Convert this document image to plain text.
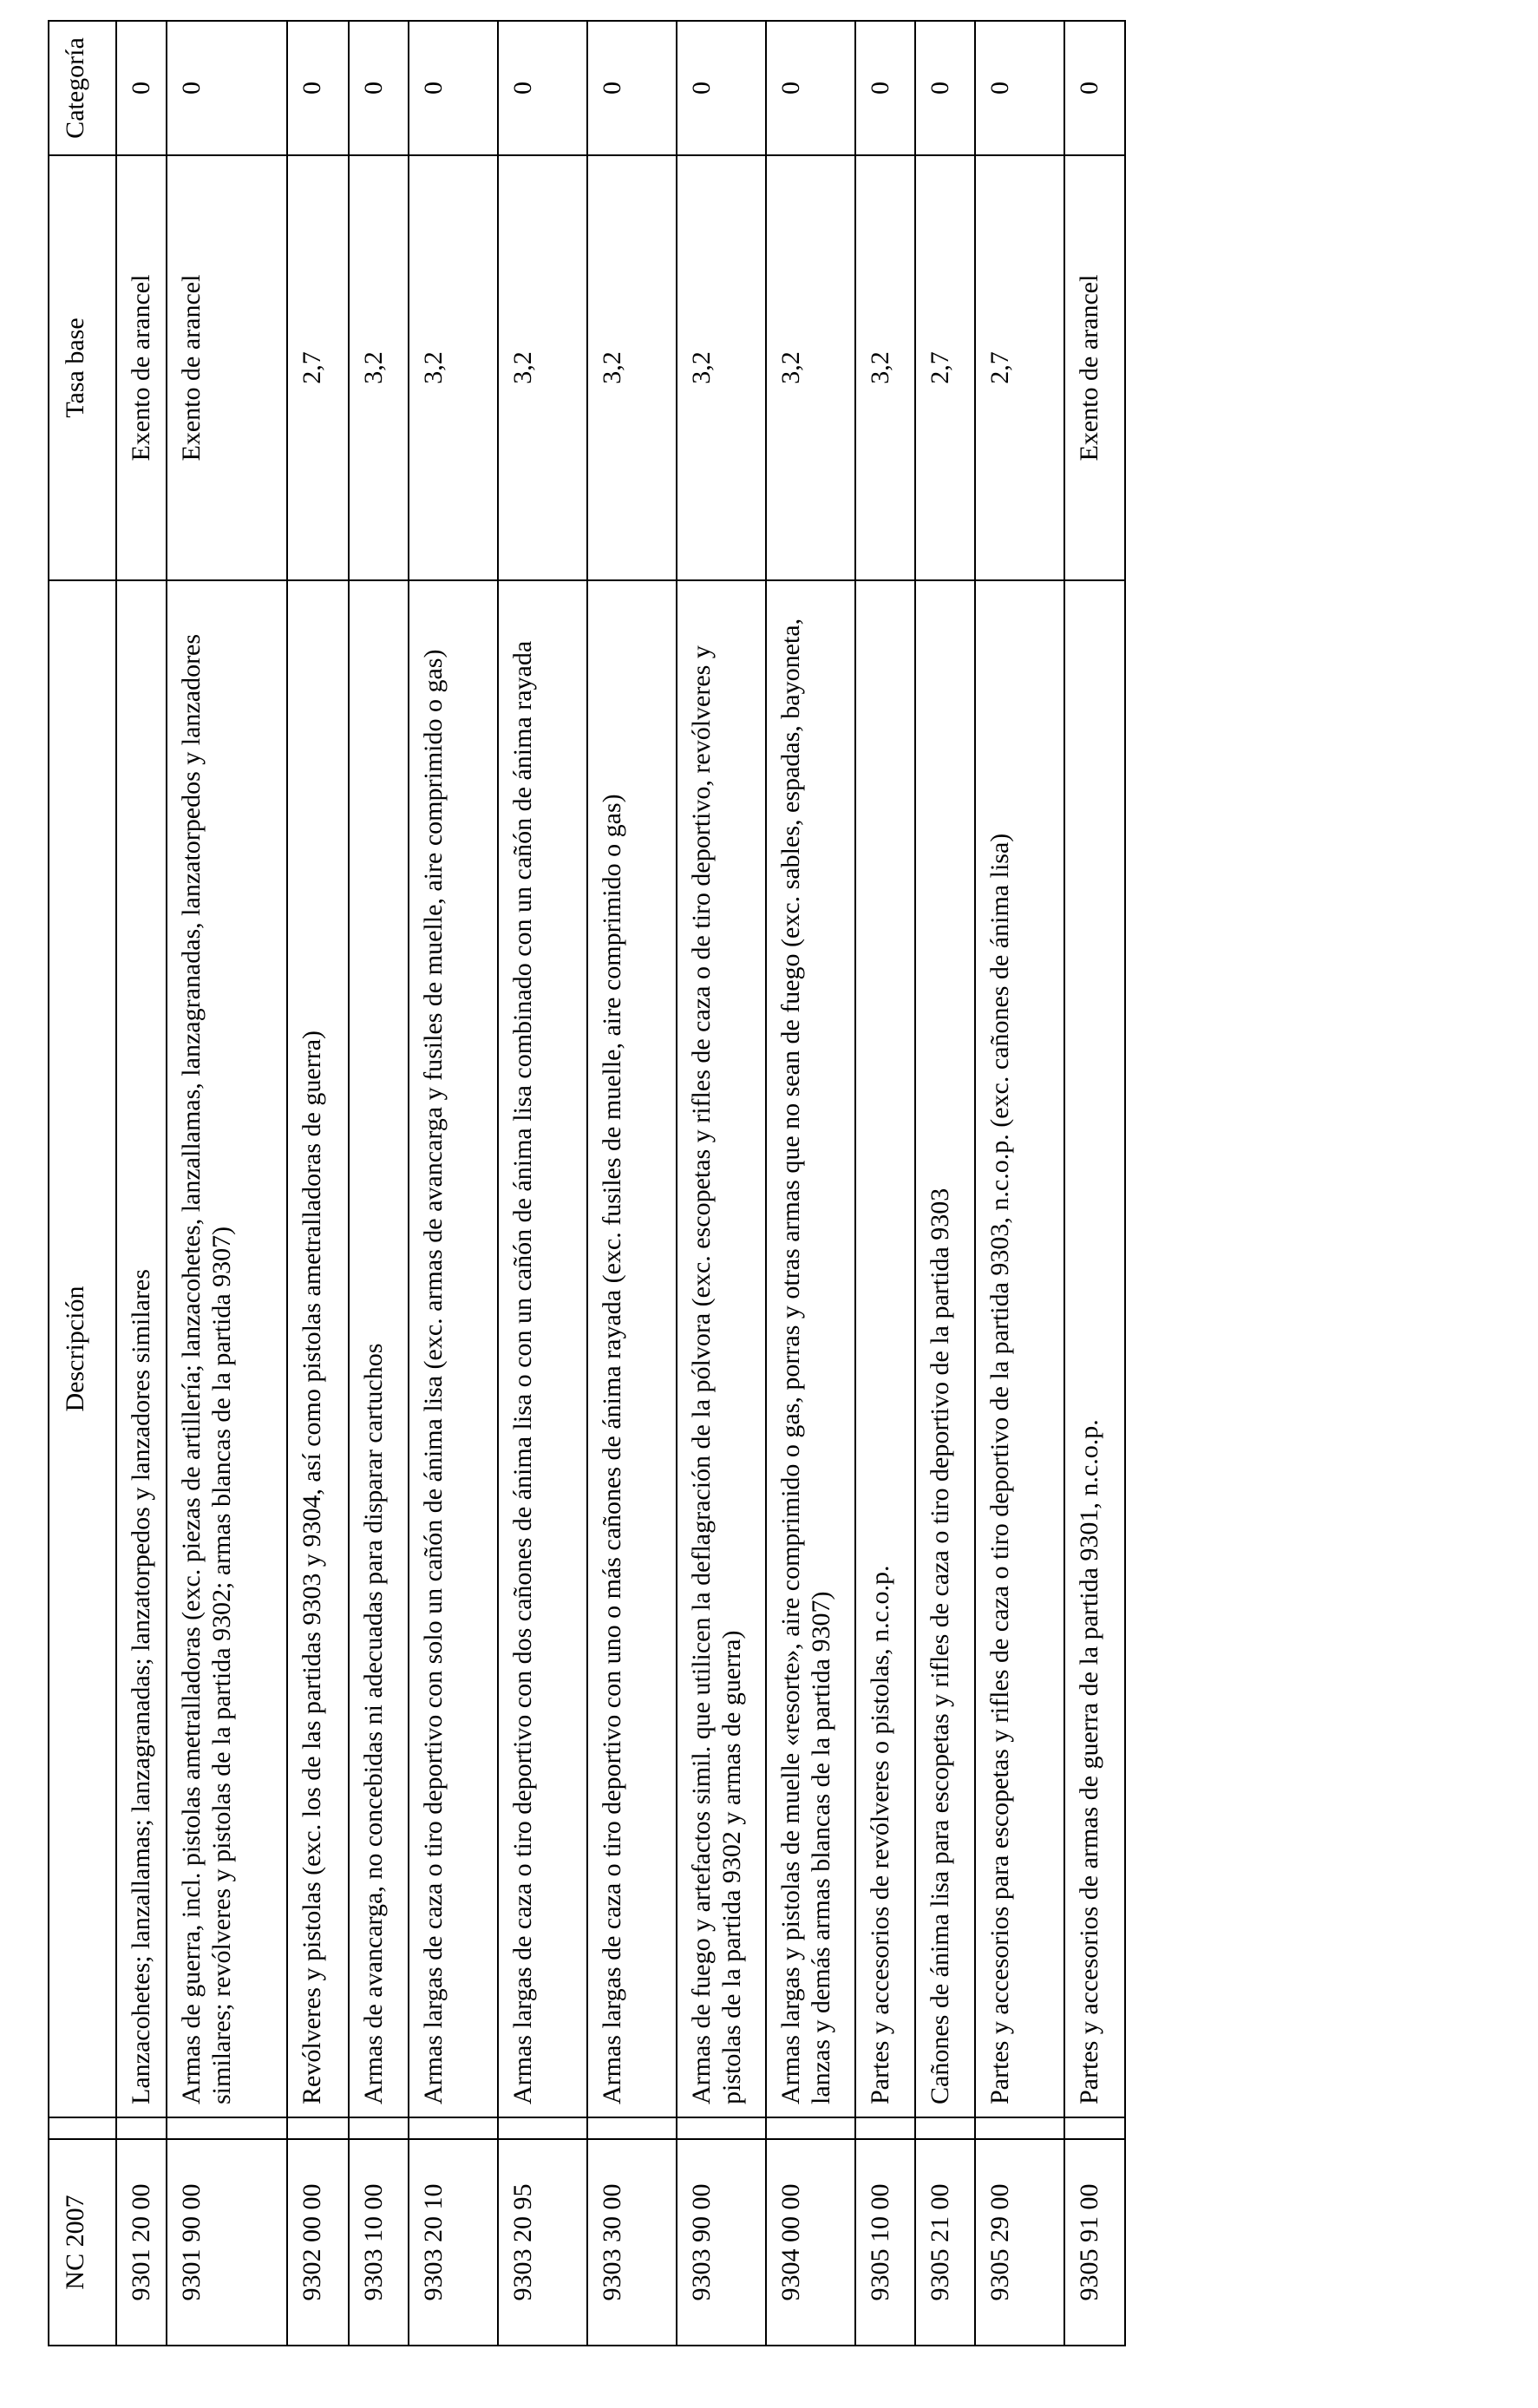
NC 2007		Descripción	Tasa base	Categoría
9301 20 00		Lanzacohetes; lanzallamas; lanzagranadas; lanzatorpedos y lanzadores similares	Exento de arancel	0
9301 90 00		Armas de guerra, incl. pistolas ametralladoras (exc. piezas de artillería; lanzacohetes, lanzallamas, lanzagranadas, lanzatorpedos y lanzadores similares; revólveres y pistolas de la partida 9302; armas blancas de la partida 9307)	Exento de arancel	0
9302 00 00		Revólveres y pistolas (exc. los de las partidas 9303 y 9304, así como pistolas ametralladoras de guerra)	2,7	0
9303 10 00		Armas de avancarga, no concebidas ni adecuadas para disparar cartuchos	3,2	0
9303 20 10		Armas largas de caza o tiro deportivo con solo un cañón de ánima lisa (exc. armas de avancarga y fusiles de muelle, aire comprimido o gas)	3,2	0
9303 20 95		Armas largas de caza o tiro deportivo con dos cañones de ánima lisa o con un cañón de ánima lisa combinado con un cañón de ánima rayada	3,2	0
9303 30 00		Armas largas de caza o tiro deportivo con uno o más cañones de ánima rayada (exc. fusiles de muelle, aire comprimido o gas)	3,2	0
9303 90 00		Armas de fuego y artefactos simil. que utilicen la deflagración de la pólvora (exc. escopetas y rifles de caza o de tiro deportivo, revólveres y pistolas de la partida 9302 y armas de guerra)	3,2	0
9304 00 00		Armas largas y pistolas de muelle «resorte», aire comprimido o gas, porras y otras armas que no sean de fuego (exc. sables, espadas, bayoneta, lanzas y demás armas blancas de la partida 9307)	3,2	0
9305 10 00		Partes y accesorios de revólveres o pistolas, n.c.o.p.	3,2	0
9305 21 00		Cañones de ánima lisa para escopetas y rifles de caza o tiro deportivo de la partida 9303	2,7	0
9305 29 00		Partes y accesorios para escopetas y rifles de caza o tiro deportivo de la partida 9303, n.c.o.p. (exc. cañones de ánima lisa)	2,7	0
9305 91 00		Partes y accesorios de armas de guerra de la partida 9301, n.c.o.p.	Exento de arancel	0
